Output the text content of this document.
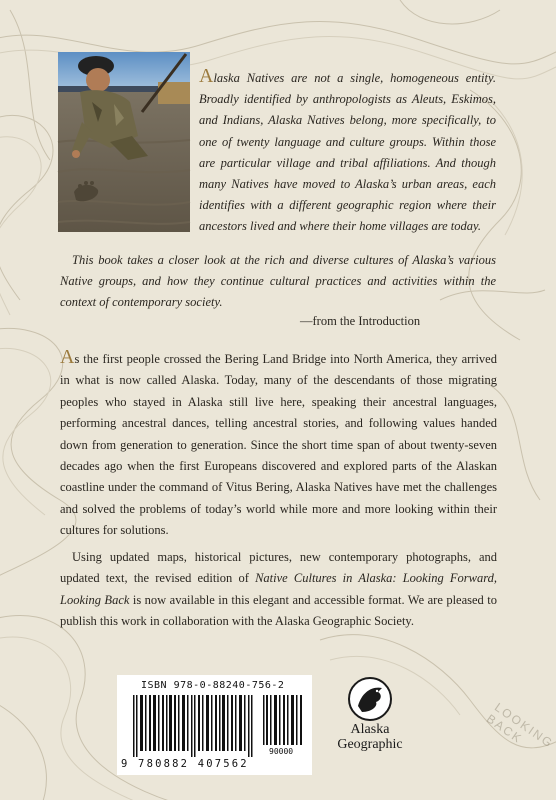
LOOKING BACK

Alaska Natives are not a single, homogeneous entity. Broadly identified by anthropologists as Aleuts, Eskimos, and Indians, Alaska Natives belong, more specifically, to one of twenty language and culture groups. Within those are particular village and tribal affiliations. And though many Natives have moved to Alaska’s urban areas, each identifies with a different geographic region where their ancestors lived and where their home villages are today.

This book takes a closer look at the rich and diverse cultures of Alaska’s various Native groups, and how they continue cultural practices and activities within the context of contemporary society.

—from the Introduction

As the first people crossed the Bering Land Bridge into North America, they arrived in what is now called Alaska. Today, many of the descendants of those migrating peoples who stayed in Alaska still live here, speaking their ancestral languages, performing ancestral dances, telling ancestral stories, and following values handed down from generation to generation. Since the short time span of about twenty-seven decades ago when the first Europeans discovered and explored parts of the Alaskan coastline under the command of Vitus Bering, Alaska Natives have met the challenges and solved the problems of today’s world while more and more looking within their cultures for solutions.

Using updated maps, historical pictures, new contemporary photographs, and updated text, the revised edition of Native Cultures in Alaska: Looking Forward, Looking Back is now available in this elegant and accessible format. We are pleased to publish this work in collaboration with the Alaska Geographic Society.

ISBN 978-0-88240-756-2

90000

9 780882 407562

Alaska

Geographic
